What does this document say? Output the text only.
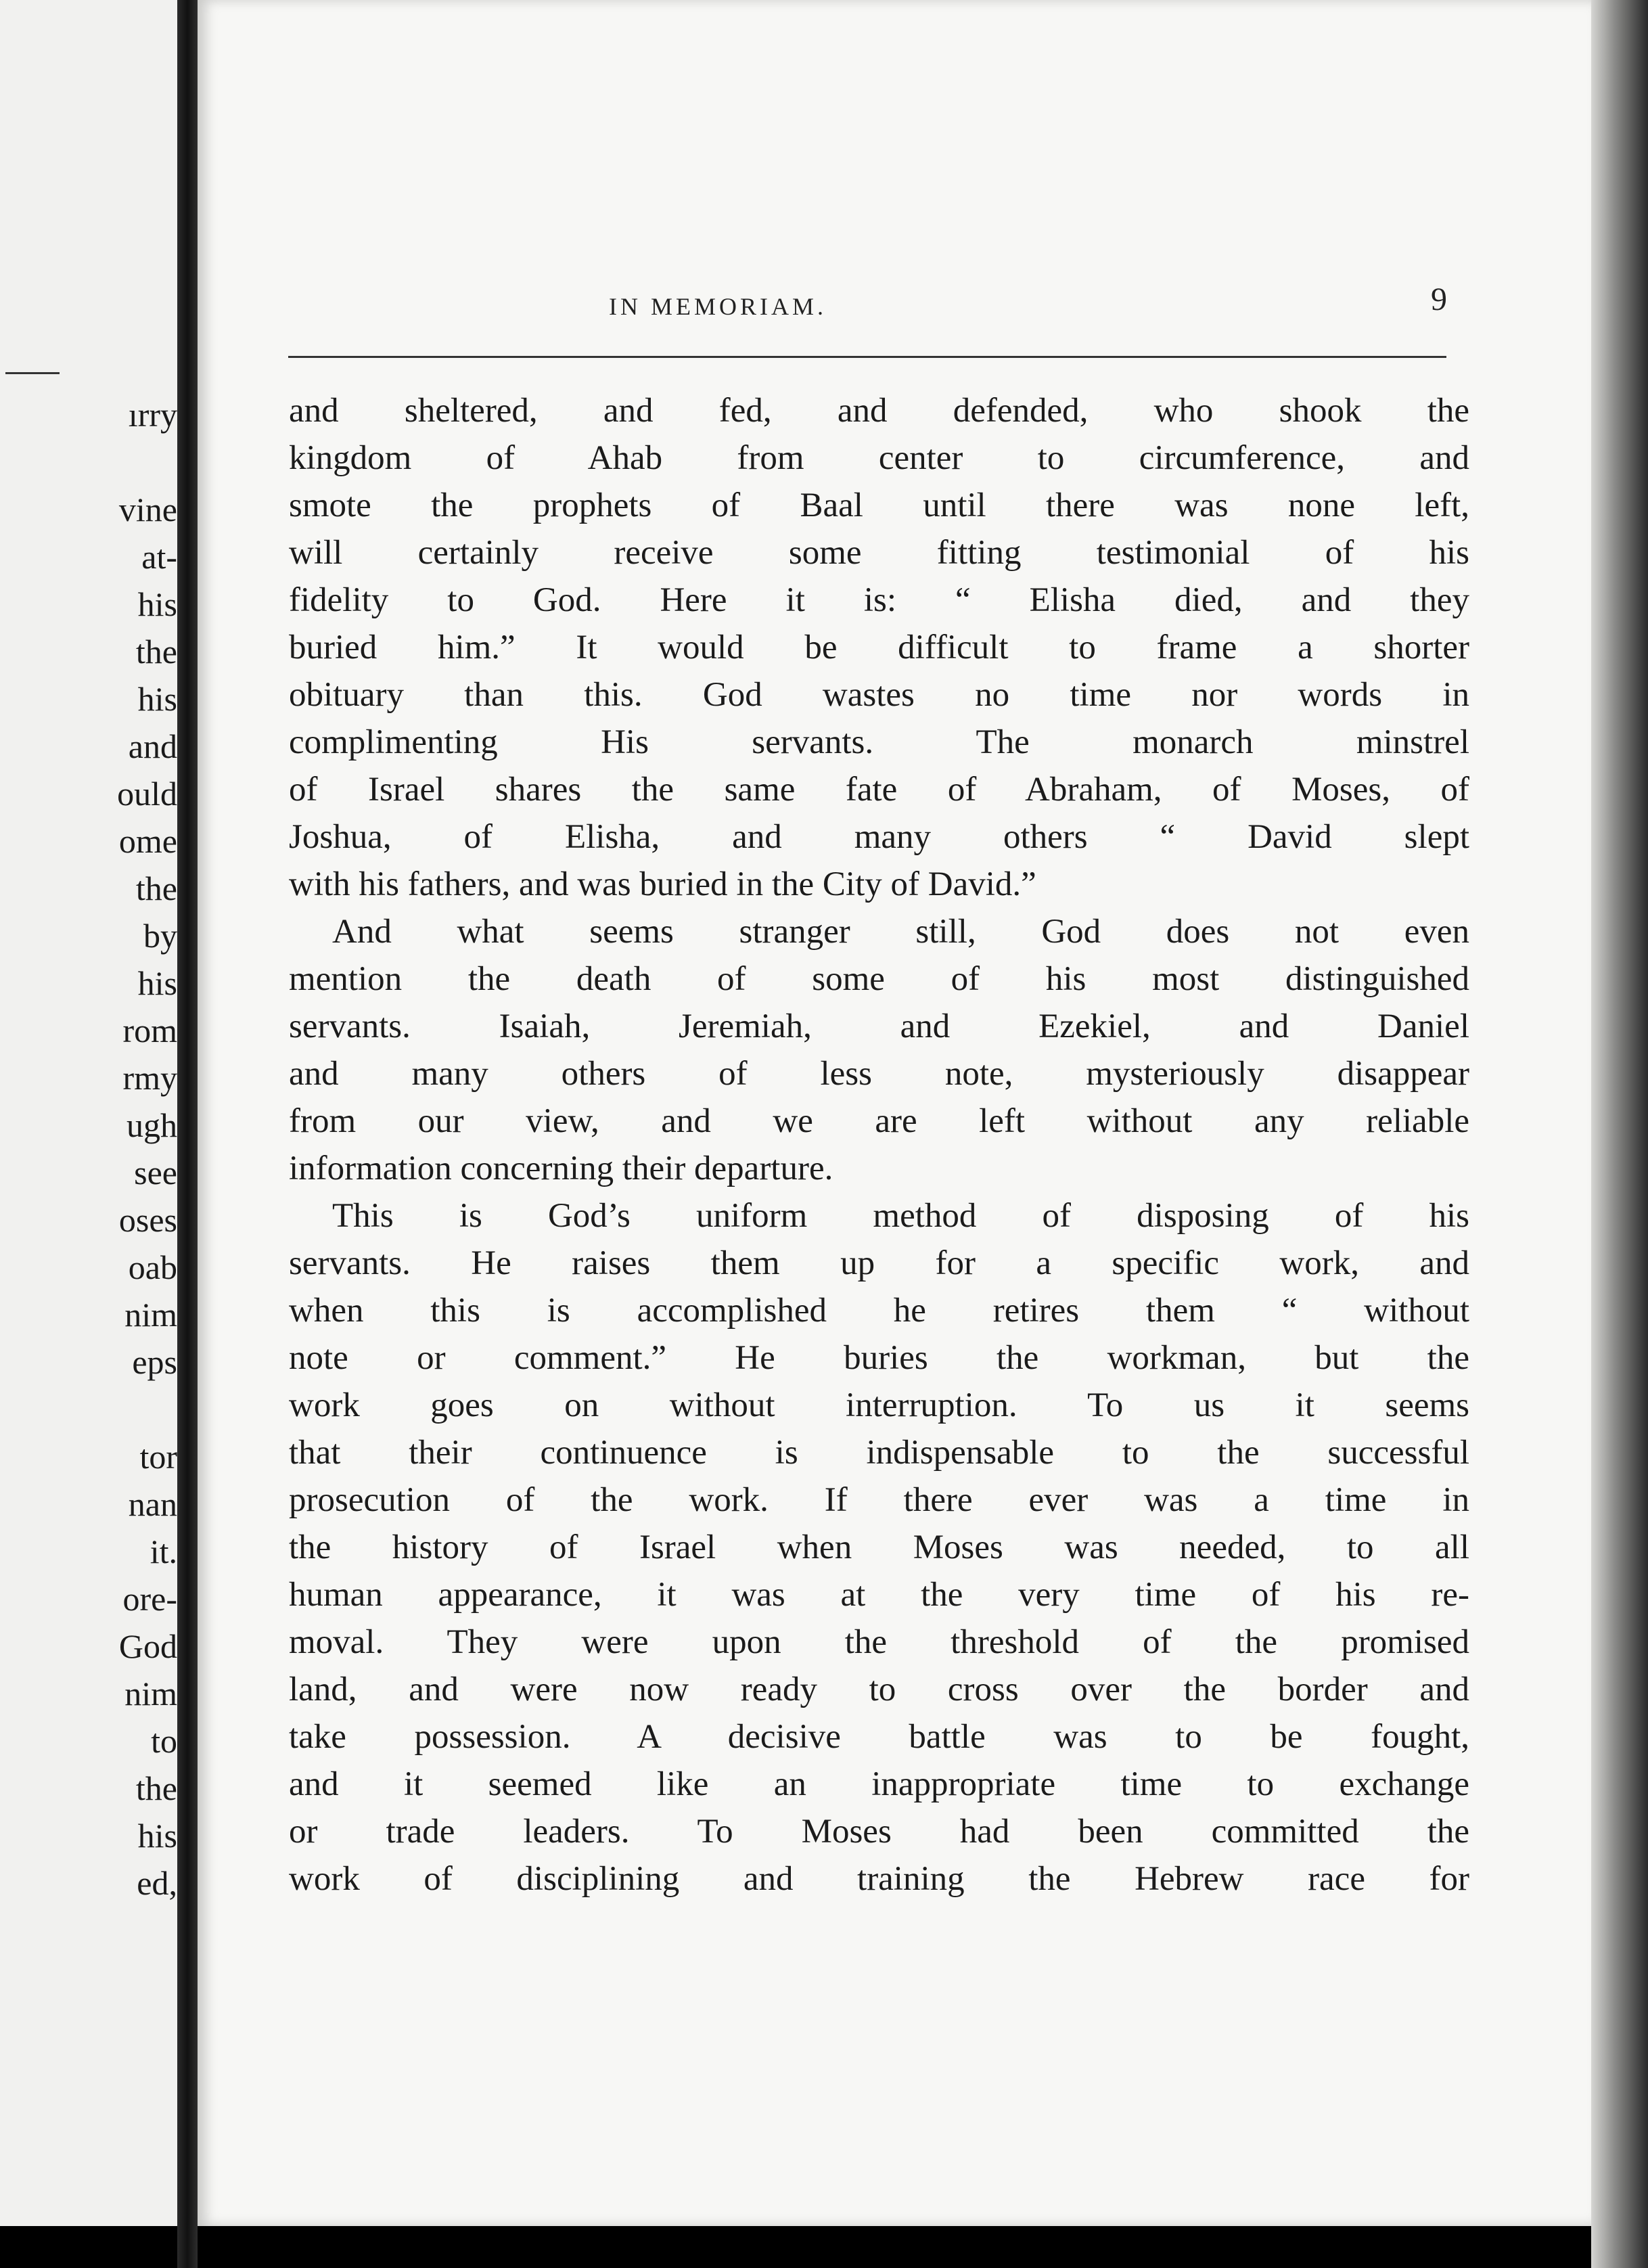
ırry
vine
at-
his
the
his
and
ould
ome
the
by
his
rom
rmy
ugh
see
oses
oab
nim
eps
tor
nan
it.
ore-
God
nim
to
the
his
ed,
IN MEMORIAM.	9
and sheltered, and fed, and defended, who shook the
kingdom of Ahab from center to circumference, and
smote the prophets of Baal until there was none left,
will certainly receive some fitting testimonial of his
fidelity to God. Here it is: “ Elisha died, and they
buried him.” It would be difficult to frame a shorter
obituary than this. God wastes no time nor words in
complimenting His servants. The monarch minstrel
of Israel shares the same fate of Abraham, of Moses, of
Joshua, of Elisha, and many others “ David slept
with his fathers, and was buried in the City of David.”
And what seems stranger still, God does not even
mention the death of some of his most distinguished
servants. Isaiah, Jeremiah, and Ezekiel, and Daniel
and many others of less note, mysteriously disappear
from our view, and we are left without any reliable
information concerning their departure.
This is God’s uniform method of disposing of his
servants. He raises them up for a specific work, and
when this is accomplished he retires them “ without
note or comment.” He buries the workman, but the
work goes on without interruption. To us it seems
that their continuence is indispensable to the successful
prosecution of the work. If there ever was a time in
the history of Israel when Moses was needed, to all
human appearance, it was at the very time of his re-
moval. They were upon the threshold of the promised
land, and were now ready to cross over the border and
take possession. A decisive battle was to be fought,
and it seemed like an inappropriate time to exchange
or trade leaders. To Moses had been committed the
work of disciplining and training the Hebrew race for
